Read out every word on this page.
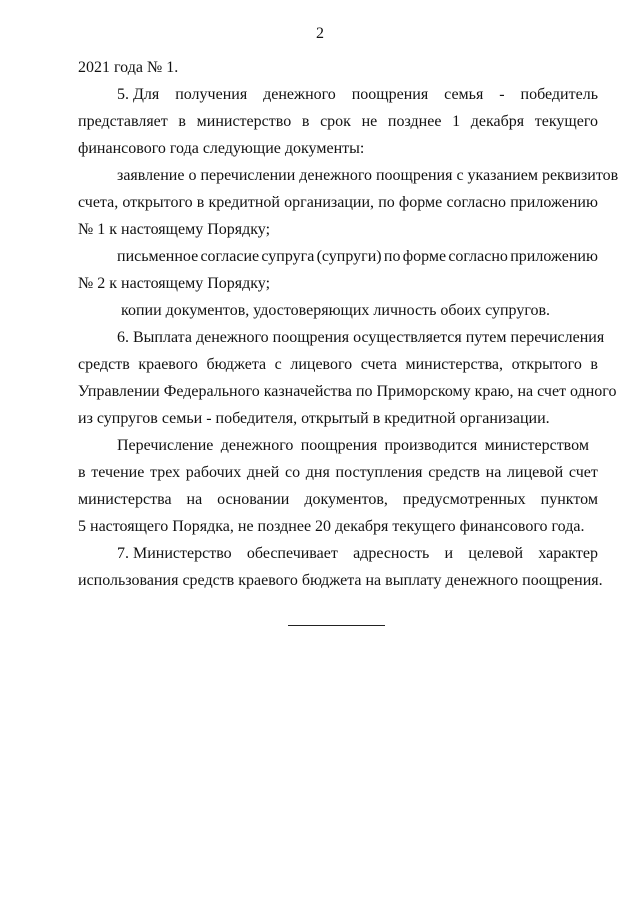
2
2021 года № 1.
5. Для получения денежного поощрения семья - победитель
представляет в министерство в срок не позднее 1 декабря текущего
финансового года следующие документы:
заявление о перечислении денежного поощрения с указанием реквизитов
счета, открытого в кредитной организации, по форме согласно приложению
№ 1 к настоящему Порядку;
письменное согласие супруга (супруги) по форме согласно приложению
№ 2 к настоящему Порядку;
копии документов, удостоверяющих личность обоих супругов.
6. Выплата денежного поощрения осуществляется путем перечисления
средств краевого бюджета с лицевого счета министерства, открытого в
Управлении Федерального казначейства по Приморскому краю, на счет одного
из супругов семьи - победителя, открытый в кредитной организации.
Перечисление денежного поощрения производится министерством
в течение трех рабочих дней со дня поступления средств на лицевой счет
министерства на основании документов, предусмотренных пунктом
5 настоящего Порядка, не позднее 20 декабря текущего финансового года.
7. Министерство обеспечивает адресность и целевой характер
использования средств краевого бюджета на выплату денежного поощрения.
